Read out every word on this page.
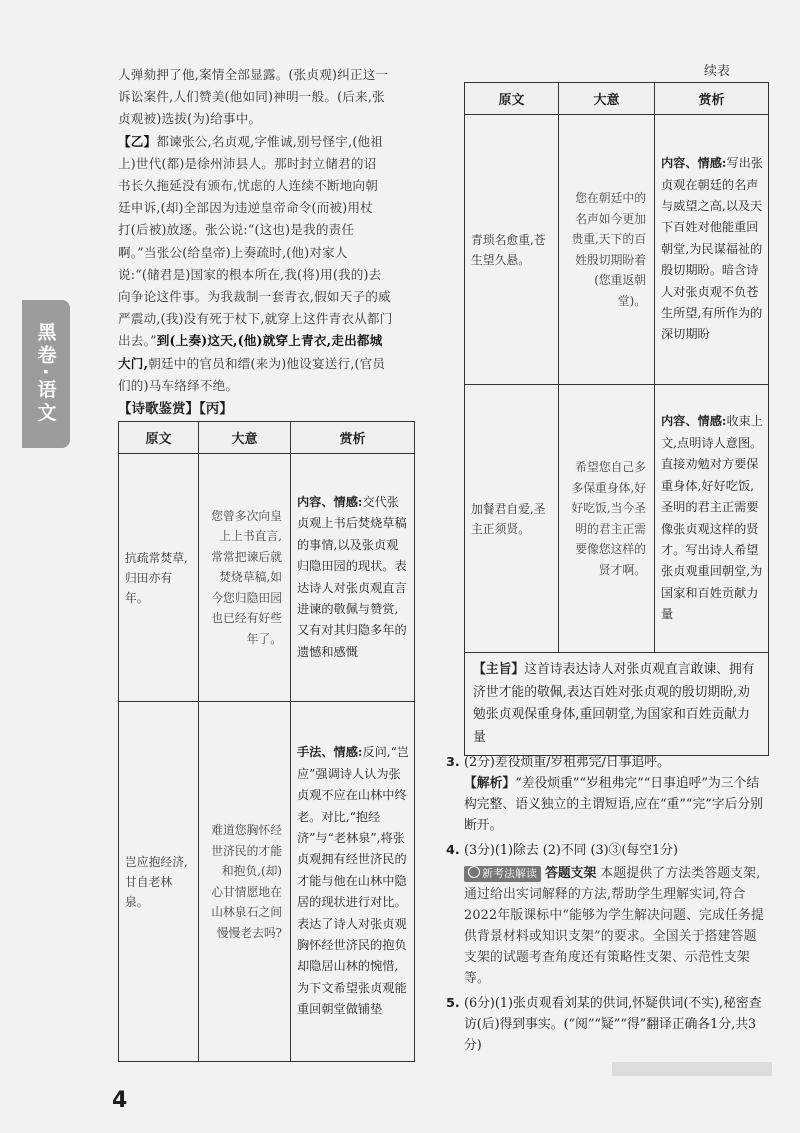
黑卷·语文
续表
人弹劾押了他,案情全部显露。(张贞观)纠正这一
诉讼案件,人们赞美(他如同)神明一般。(后来,张
贞观被)选拔(为)给事中。
【乙】都谏张公,名贞观,字惟诚,别号怪宇,(他祖
上)世代(都)是徐州沛县人。那时封立储君的诏
书长久拖延没有颁布,忧虑的人连续不断地向朝
廷申诉,(却)全部因为违逆皇帝命令(而被)用杖
打(后被)放逐。张公说:“(这也)是我的责任
啊。”当张公(给皇帝)上奏疏时,(他)对家人
说:“(储君是)国家的根本所在,我(将)用(我的)去
向争论这件事。为我裁制一套青衣,假如天子的威
严震动,(我)没有死于杖下,就穿上这件青衣从都门
出去。”到(上奏)这天,(他)就穿上青衣,走出都城
大门,朝廷中的官员和缙(来为)他设宴送行,(官员
们的)马车络绎不绝。
【诗歌鉴赏】【丙】
原文	大意	赏析
抗疏常焚草,归田亦有年。	您曾多次向皇上上书直言,常常把谏后就焚烧草稿,如今您归隐田园也已经有好些年了。	内容、情感:交代张贞观上书后焚烧草稿的事情,以及张贞观归隐田园的现状。表达诗人对张贞观直言进谏的敬佩与赞赏,又有对其归隐多年的遗憾和感慨
岂应抱经济,甘自老林泉。	难道您胸怀经世济民的才能和抱负,(却)心甘情愿地在山林泉石之间慢慢老去吗?	手法、情感:反问,“岂应”强调诗人认为张贞观不应在山林中终老。对比,“抱经济”与“老林泉”,将张贞观拥有经世济民的才能与他在山林中隐居的现状进行对比。表达了诗人对张贞观胸怀经世济民的抱负却隐居山林的惋惜,为下文希望张贞观能重回朝堂做铺垫
原文	大意	赏析
青琐名愈重,苍生望久悬。	您在朝廷中的名声如今更加贵重,天下的百姓殷切期盼着(您重返朝堂)。	内容、情感:写出张贞观在朝廷的名声与威望之高,以及天下百姓对他能重回朝堂,为民谋福祉的殷切期盼。暗含诗人对张贞观不负苍生所望,有所作为的深切期盼
加餐君自爱,圣主正须贤。	希望您自己多多保重身体,好好吃饭,当今圣明的君主正需要像您这样的贤才啊。	内容、情感:收束上文,点明诗人意图。直接劝勉对方要保重身体,好好吃饭,圣明的君主正需要像张贞观这样的贤才。写出诗人希望张贞观重回朝堂,为国家和百姓贡献力量
【主旨】这首诗表达诗人对张贞观直言敢谏、拥有济世才能的敬佩,表达百姓对张贞观的殷切期盼,劝勉张贞观保重身体,重回朝堂,为国家和百姓贡献力量		
3. (2分)差役烦重/岁租弗完/日事追呼。
【解析】“差役烦重”“岁租弗完”“日事追呼”为三个结构完整、语义独立的主谓短语,应在“重”“完”字后分别断开。
4. (3分)(1)除去 (2)不同 (3)③(每空1分)
新考法解读 答题支架 本题提供了方法类答题支架,通过给出实词解释的方法,帮助学生理解实词,符合2022年版课标中“能够为学生解决问题、完成任务提供背景材料或知识支架”的要求。全国关于搭建答题支架的试题考查角度还有策略性支架、示范性支架等。
5. (6分)(1)张贞观看刘某的供词,怀疑供词(不实),秘密查访(后)得到事实。(“阅”“疑”“得”翻译正确各1分,共3分)
4
